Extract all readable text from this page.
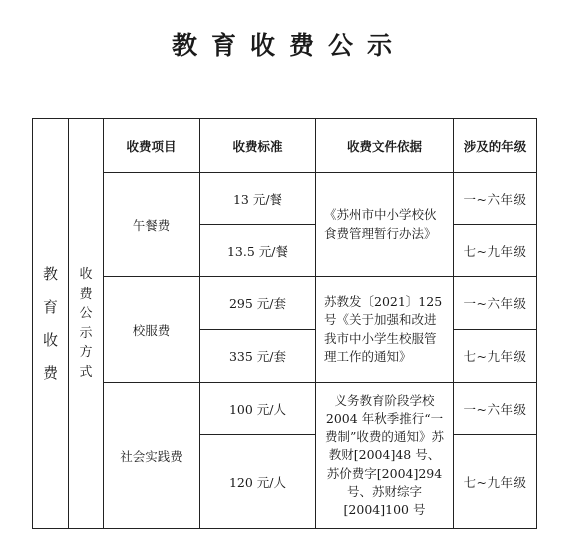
教育收费公示
教育收费	收费公示方式	收费项目	收费标准	收费文件依据	涉及的年级
		午餐费	13 元/餐	《苏州市中小学校伙食费管理暂行办法》	一~六年级
			13.5 元/餐		七~九年级
		校服费	295 元/套	苏教发〔2021〕125 号《关于加强和改进我市中小学生校服管理工作的通知》	一~六年级
			335 元/套		七~九年级
		社会实践费	100 元/人	义务教育阶段学校 2004 年秋季推行“一费制”收费的通知》苏教财[2004]48 号、苏价费字[2004]294 号、苏财综字[2004]100 号	一~六年级
			120 元/人		七~九年级
